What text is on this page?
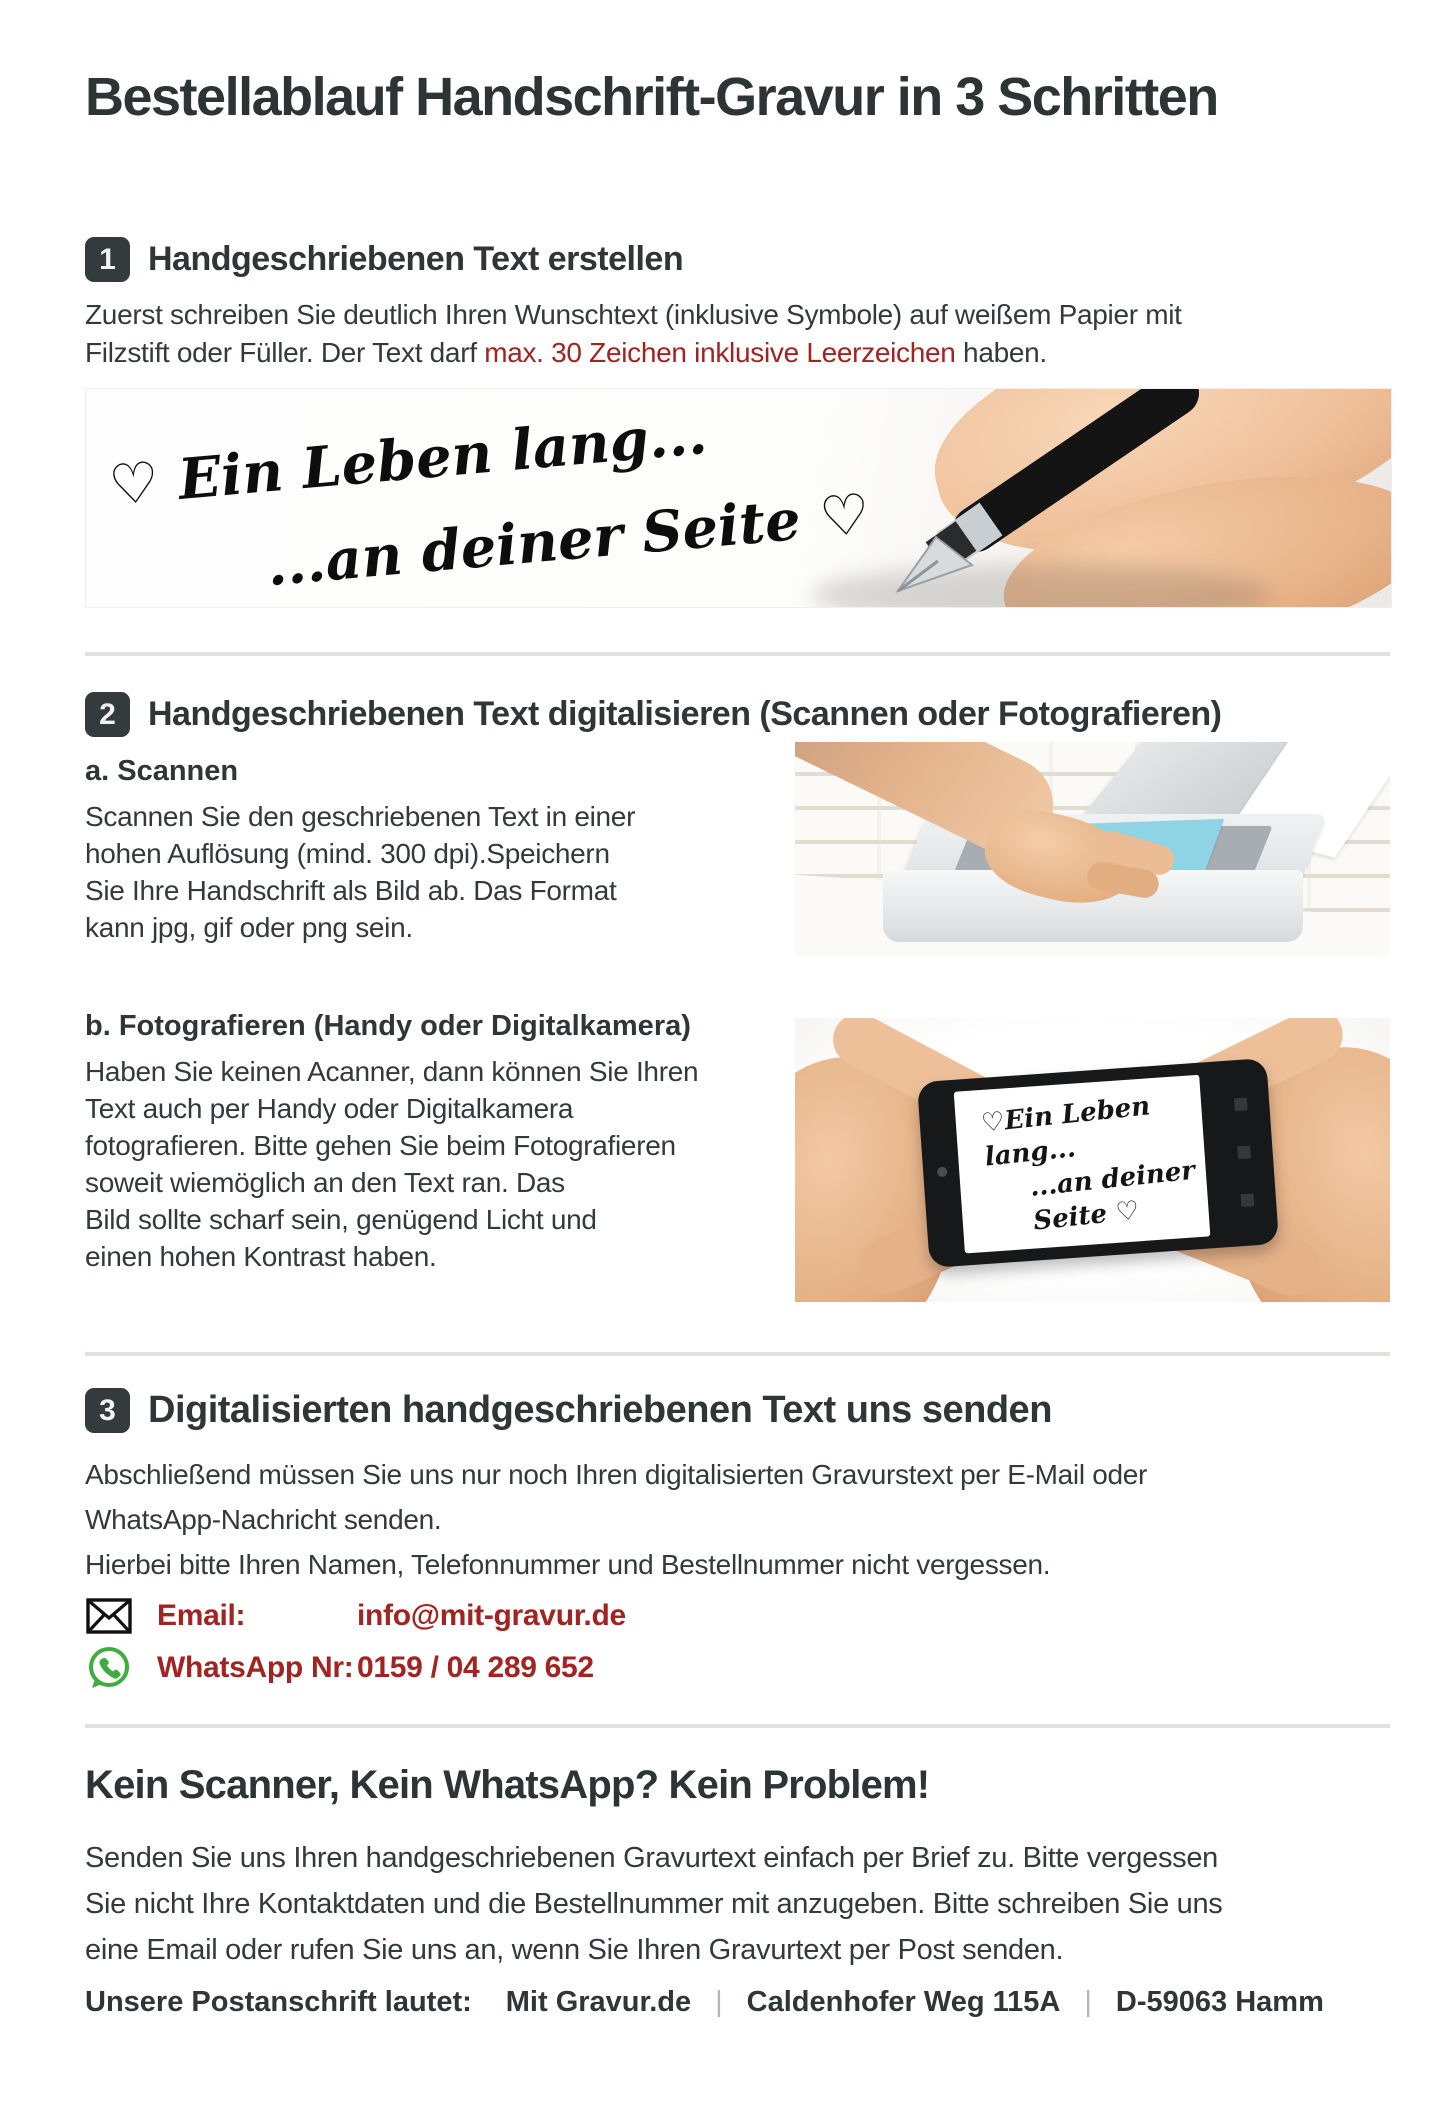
Bestellablauf Handschrift-Gravur in 3 Schritten
1 Handgeschriebenen Text erstellen
Zuerst schreiben Sie deutlich Ihren Wunschtext (inklusive Symbole) auf weißem Papier mit
Filzstift oder Füller. Der Text darf max. 30 Zeichen inklusive Leerzeichen haben.
♡ Ein Leben lang...
...an deiner Seite ♡
2 Handgeschriebenen Text digitalisieren (Scannen oder Fotografieren)
a. Scannen
Scannen Sie den geschriebenen Text in einer
hohen Auflösung (mind. 300 dpi).Speichern
Sie Ihre Handschrift als Bild ab. Das Format
kann jpg, gif oder png sein.
b. Fotografieren (Handy oder Digitalkamera)
Haben Sie keinen Acanner, dann können Sie Ihren
Text auch per Handy oder Digitalkamera
fotografieren. Bitte gehen Sie beim Fotografieren
soweit wiemöglich an den Text ran. Das
Bild sollte scharf sein, genügend Licht und
einen hohen Kontrast haben.
♡Ein Leben lang...
...an deiner Seite ♡
3 Digitalisierten handgeschriebenen Text uns senden
Abschließend müssen Sie uns nur noch Ihren digitalisierten Gravurstext per E-Mail oder
WhatsApp-Nachricht senden.
Hierbei bitte Ihren Namen, Telefonnummer und Bestellnummer nicht vergessen.
Email:	info@mit-gravur.de
WhatsApp Nr: 0159 / 04 289 652
Kein Scanner, Kein WhatsApp? Kein Problem!
Senden Sie uns Ihren handgeschriebenen Gravurtext einfach per Brief zu. Bitte vergessen
Sie nicht Ihre Kontaktdaten und die Bestellnummer mit anzugeben. Bitte schreiben Sie uns
eine Email oder rufen Sie uns an, wenn Sie Ihren Gravurtext per Post senden.
Unsere Postanschrift lautet: Mit Gravur.de | Caldenhofer Weg 115A | D-59063 Hamm
